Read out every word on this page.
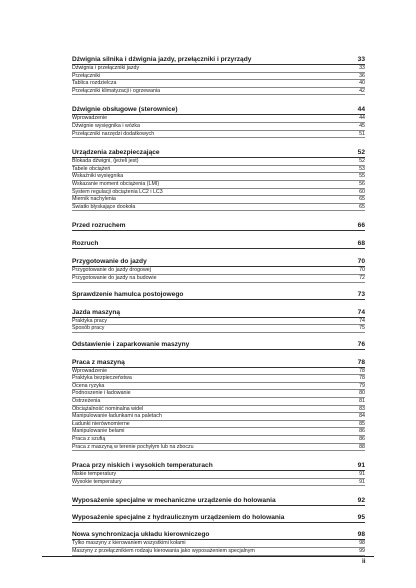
Dźwignia silnika i dźwignia jazdy, przełączniki i przyrządy	33
Dźwignia i przełączniki jazdy	33
Przełączniki	36
Tablica rozdzielcza	40
Przełączniki klimatyzacji i ogrzewania	42
Dźwignie obsługowe (sterownice)	44
Wprowadzenie	44
Dźwignie wysięgnika i wózka	45
Przełączniki narzędzi dodatkowych	51
Urządzenia zabezpieczające	52
Blokada dźwigni, (jeżeli jest)	52
Tabele obciążeń	53
Wskaźniki wysięgnika	55
Wskazanie moment obciążenia (LMI)	56
System regulacji obciążenia LC2 i LC3	60
Miernik nachylenia	65
Światło błyskające dookoła	65
Przed rozruchem	66
Rozruch	68
Przygotowanie do jazdy	70
Przygotowanie do jazdy drogowej	70
Przygotowanie do jazdy na budowie	72
Sprawdzenie hamulca postojowego	73
Jazda maszyną	74
Praktyka pracy	74
Sposób pracy	75
Odstawienie i zaparkowanie maszyny	76
Praca z maszyną	78
Wprowadzenie	78
Praktyka bezpieczeństwa	78
Ocena ryzyka	79
Podnoszenie i ładowanie	80
Ostrzeżenia	81
Obciążalność nominalna widel	83
Manipulowanie ładunkami na paletach	84
Ładunki nierównomierne	85
Manipulowanie belami	86
Praca z szufią	86
Praca z maszyną w terenie pochyłym lub na zboczu	88
Praca przy niskich i wysokich temperaturach	91
Niskie temperatury	91
Wysokie temperatury	91
Wyposażenie specjalne w mechaniczne urządzenie do holowania	92
Wyposażenie specjalne z hydraulicznym urządzeniem do holowania	95
Nowa synchronizacja układu kierowniczego	98
Tylko maszyny z kierowaniem wszystkimi kołami	98
Maszyny z przełącznikiem rodzaju kierowania jako wyposażeniem specjalnym	99
ii
